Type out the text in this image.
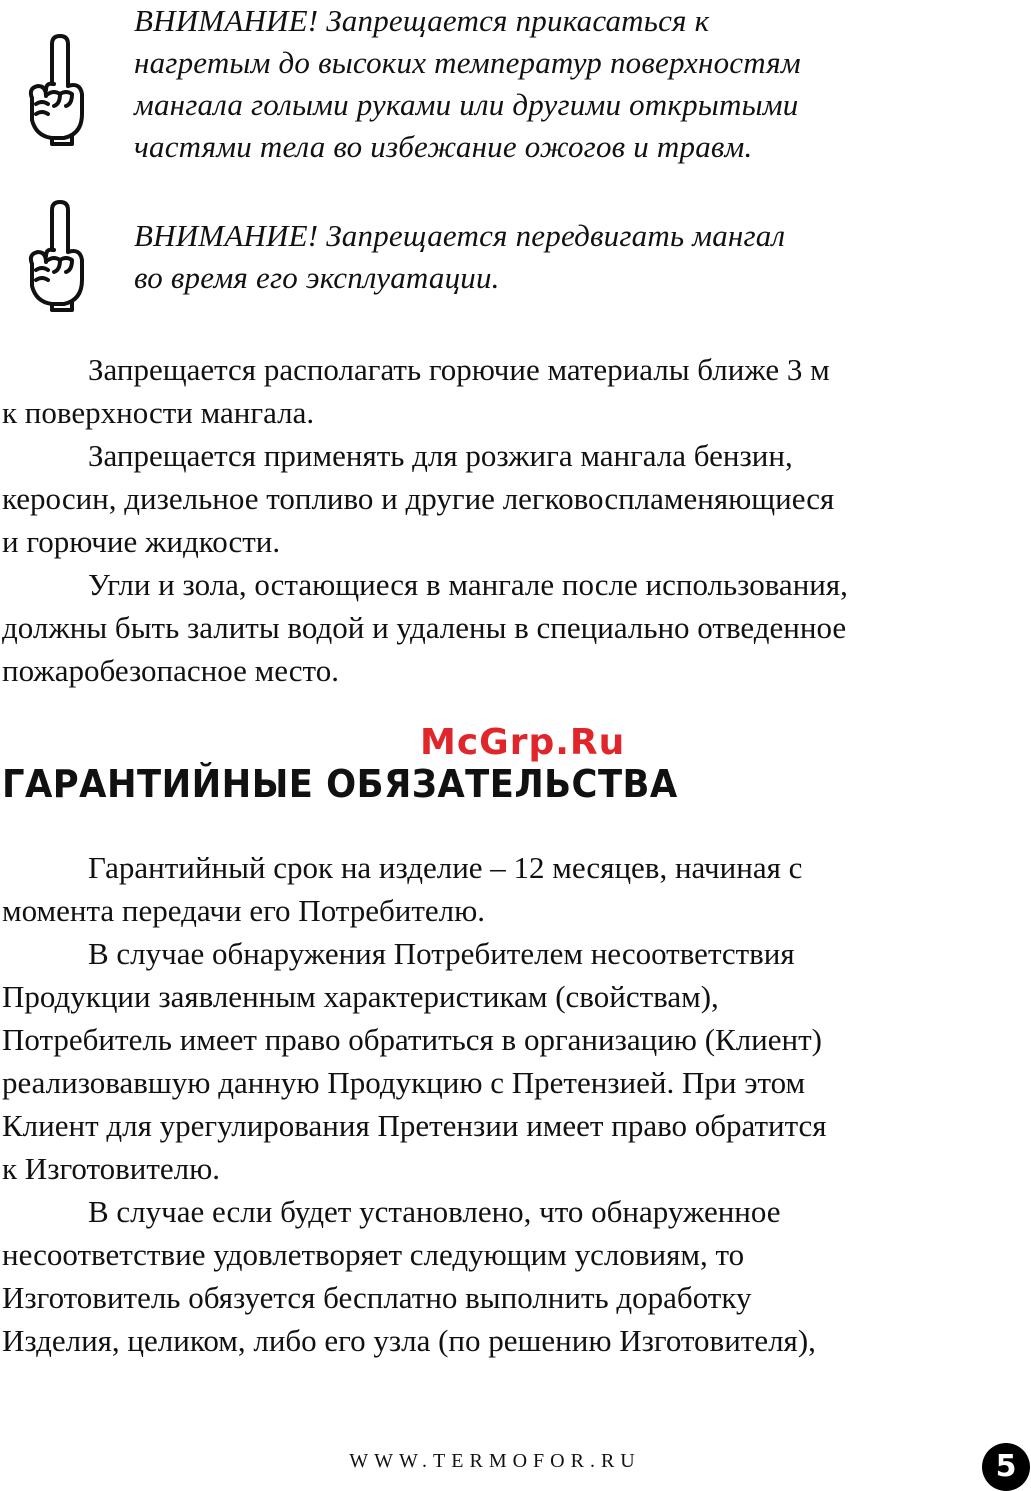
ВНИМАНИЕ! Запрещается прикасаться к
нагретым до высоких температур поверхностям
мангала голыми руками или другими открытыми
частями тела во избежание ожогов и травм.
ВНИМАНИЕ! Запрещается передвигать мангал
во время его эксплуатации.

Запрещается располагать горючие материалы ближе 3 м
к поверхности мангала.

Запрещается применять для розжига мангала бензин,
керосин, дизельное топливо и другие легковоспламеняющиеся
и горючие жидкости.

Угли и зола, остающиеся в мангале после использования,
должны быть залиты водой и удалены в специально отведенное
пожаробезопасное место.

McGrp.Ru
ГАРАНТИЙНЫЕ ОБЯЗАТЕЛЬСТВА

Гарантийный срок на изделие – 12 месяцев, начиная с
момента передачи его Потребителю.

В случае обнаружения Потребителем несоответствия
Продукции заявленным характеристикам (свойствам),
Потребитель имеет право обратиться в организацию (Клиент)
реализовавшую данную Продукцию с Претензией. При этом
Клиент для урегулирования Претензии имеет право обратится
к Изготовителю.

В случае если будет установлено, что обнаруженное
несоответствие удовлетворяет следующим условиям, то
Изготовитель обязуется бесплатно выполнить доработку
Изделия, целиком, либо его узла (по решению Изготовителя),

WWW.TERMOFOR.RU	5
